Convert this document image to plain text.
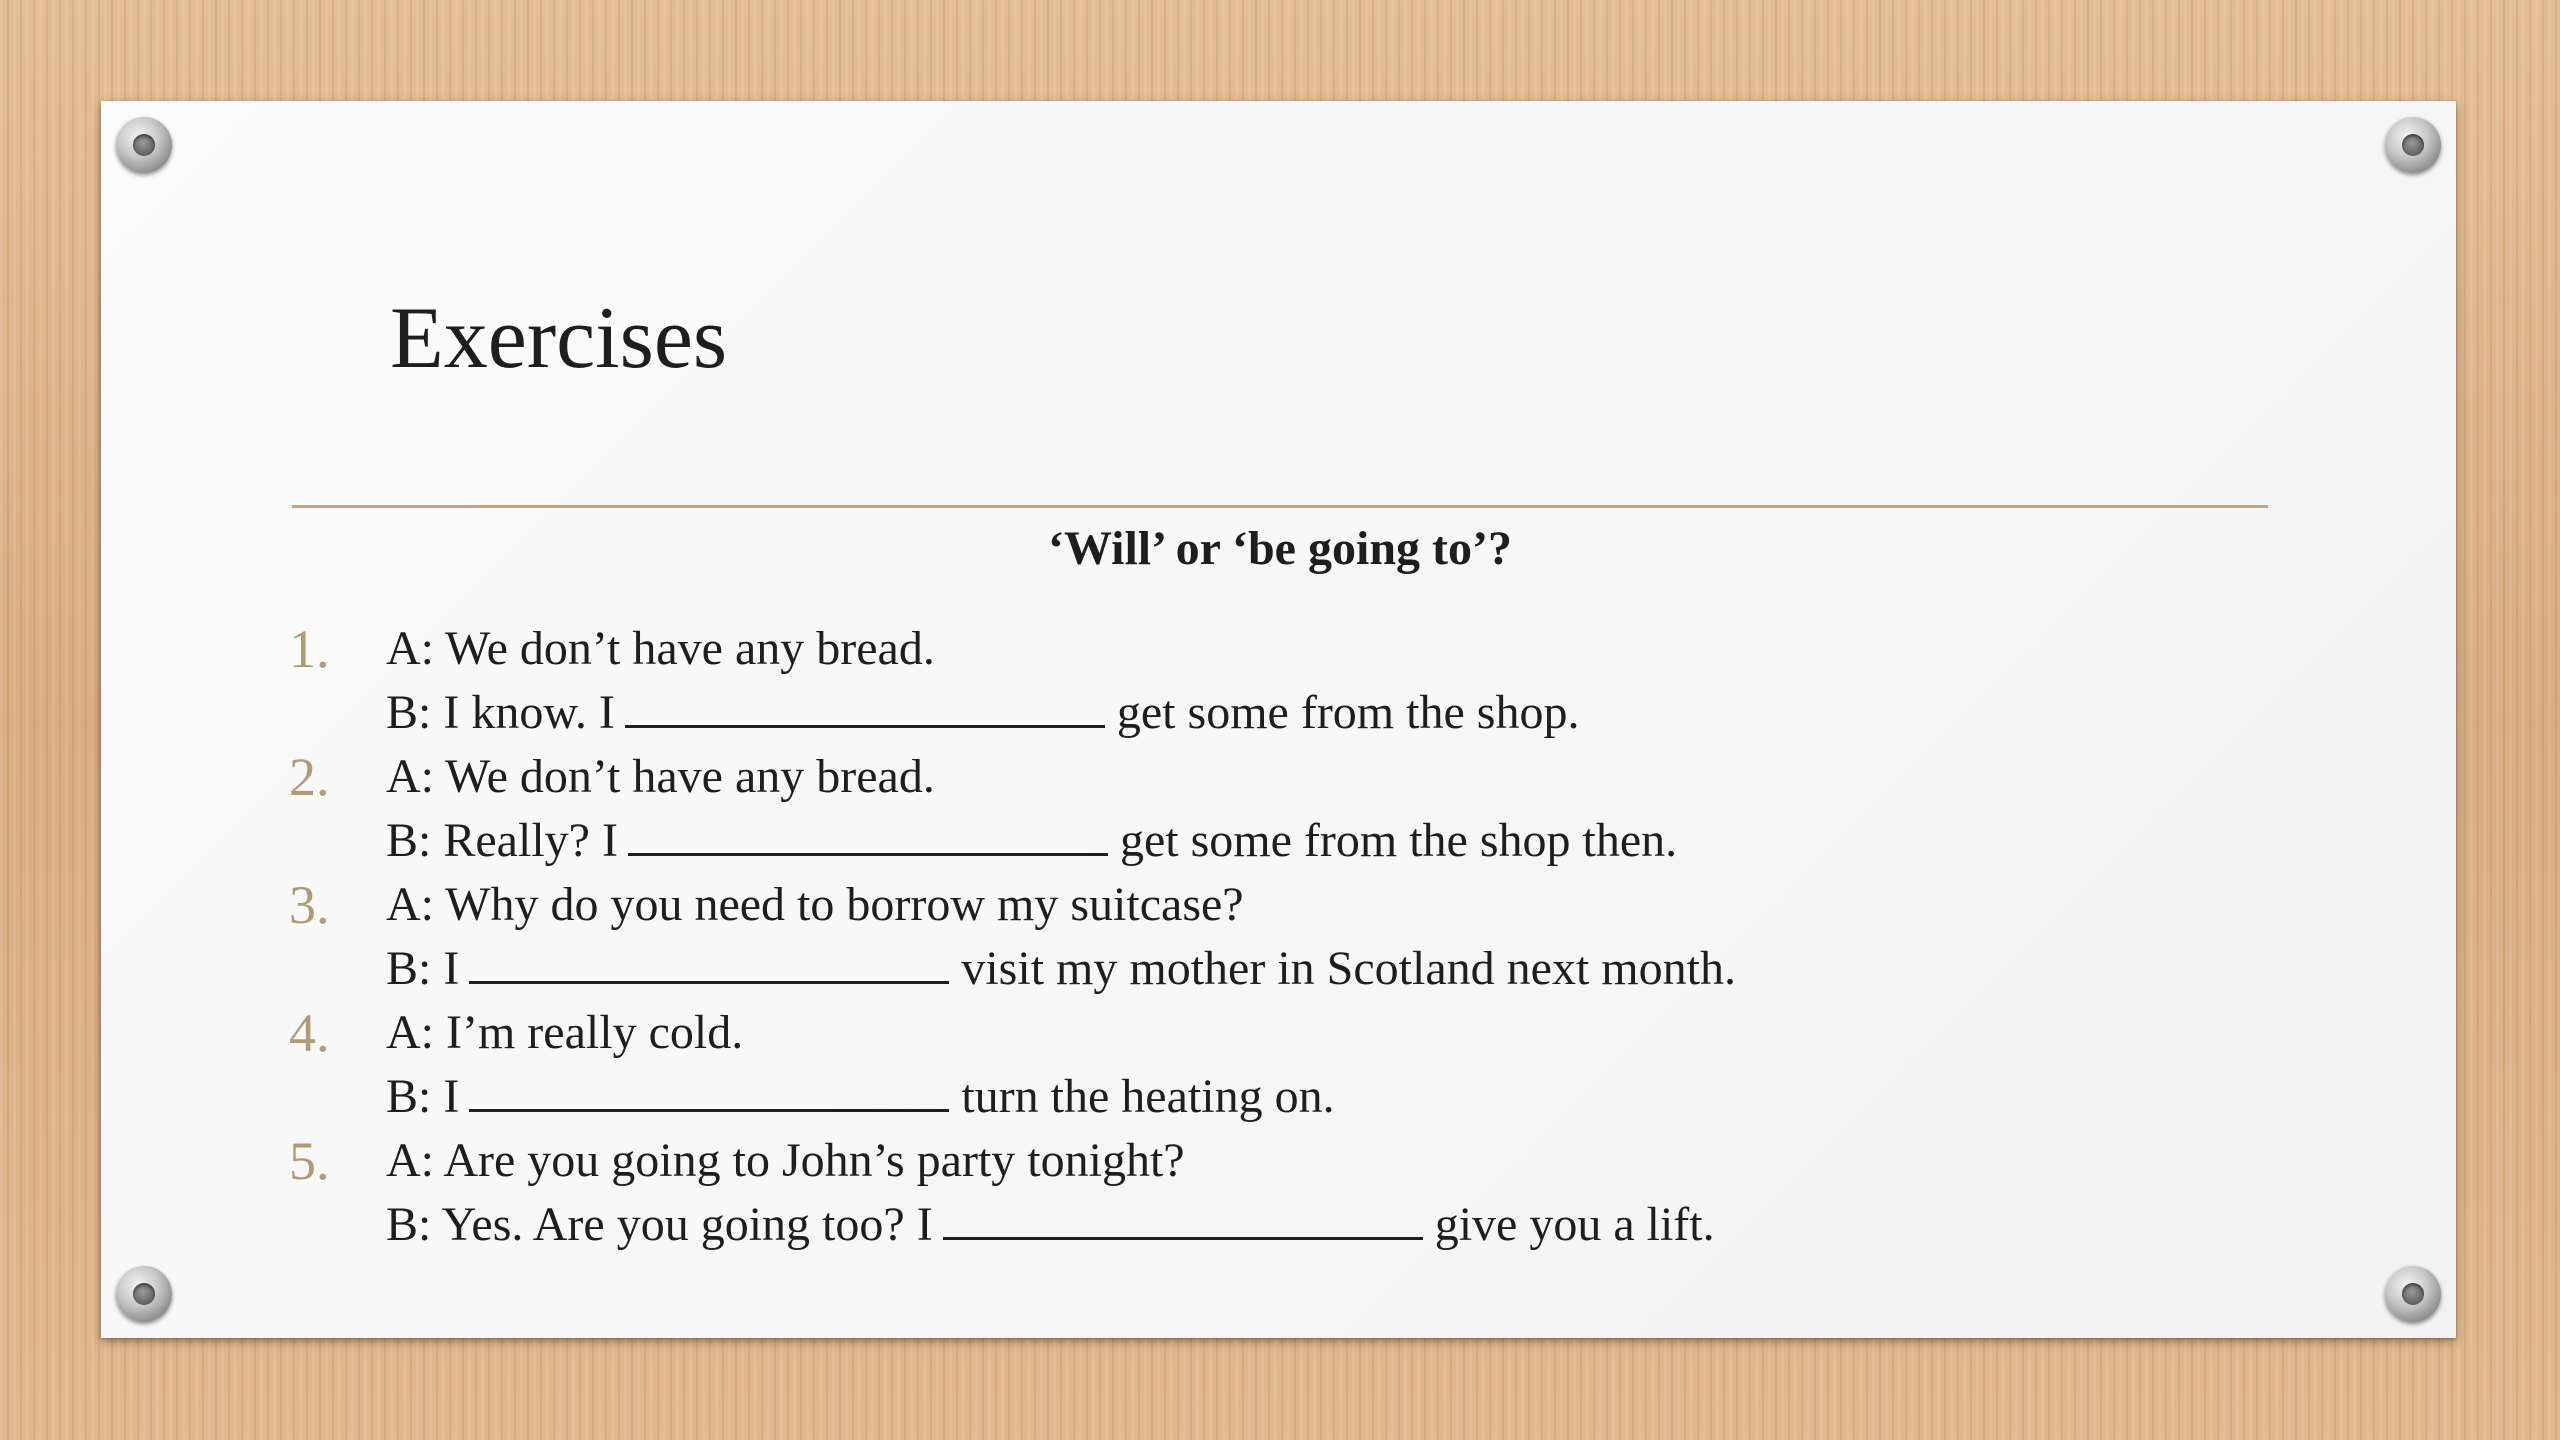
Exercises
‘Will’ or ‘be going to’?
1. A: We don’t have any bread.
B: I know. I	get some from the shop.
2. A: We don’t have any bread.
B: Really? I	get some from the shop then.
3. A: Why do you need to borrow my suitcase?
B: I	visit my mother in Scotland next month.
4. A: I’m really cold.
B: I	turn the heating on.
5. A: Are you going to John’s party tonight?
B: Yes. Are you going too? I	give you a lift.
